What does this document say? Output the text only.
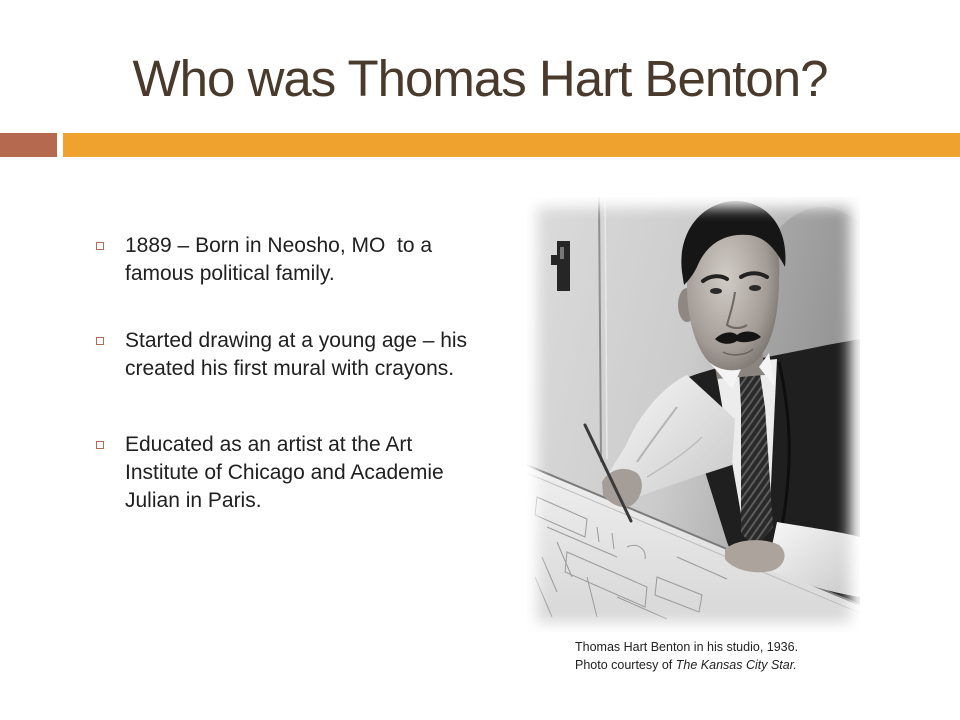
Who was Thomas Hart Benton?
1889 – Born in Neosho, MO  to a
famous political family.
Started drawing at a young age – his
created his first mural with crayons.
Educated as an artist at the Art
Institute of Chicago and Academie
Julian in Paris.
Thomas Hart Benton in his studio, 1936.
Photo courtesy of The Kansas City Star.
